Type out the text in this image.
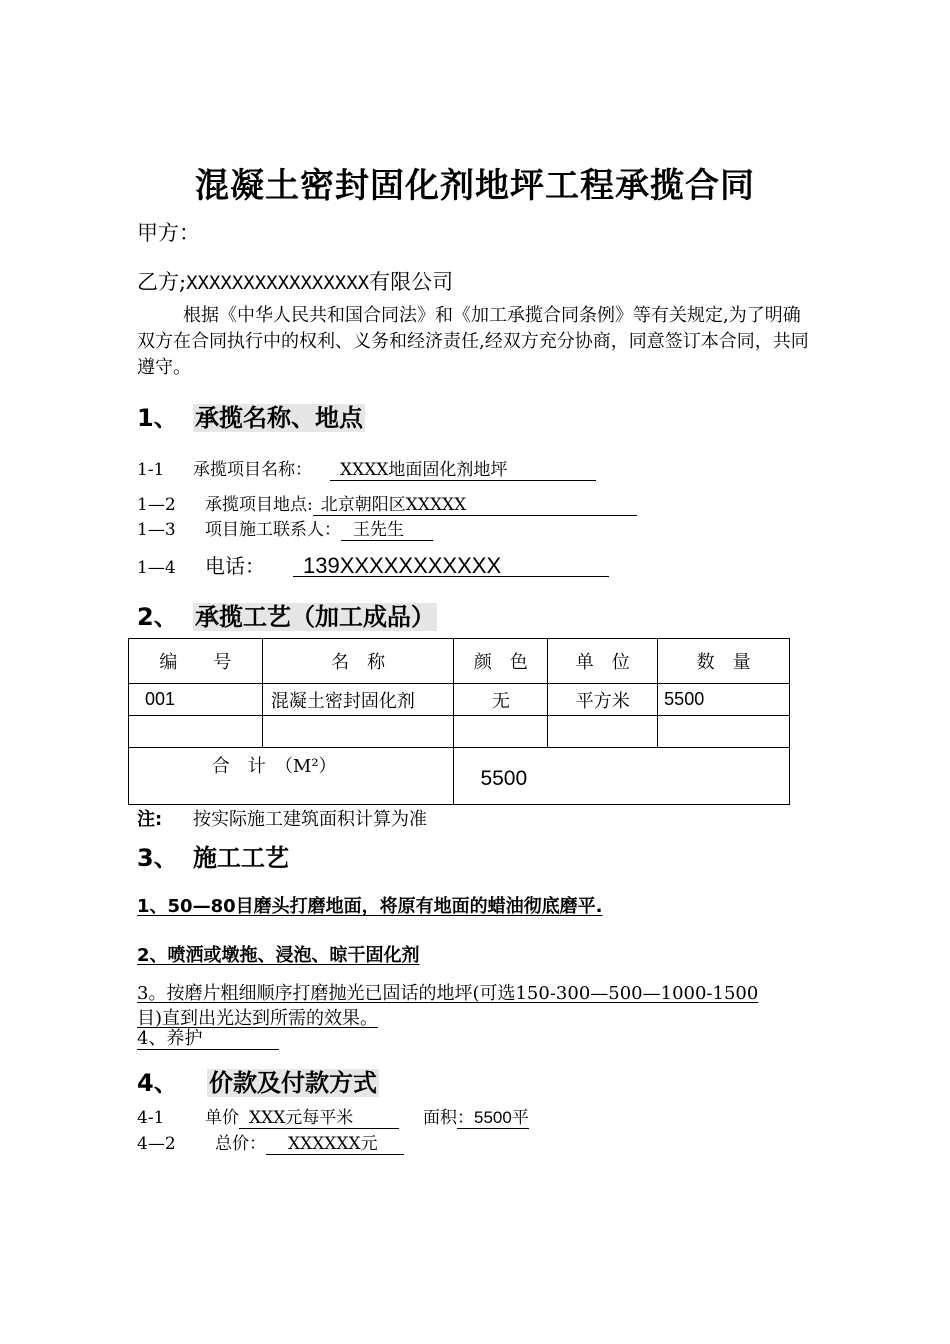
混凝土密封固化剂地坪工程承揽合同
甲方：
乙方;XXXXXXXXXXXXXXXX有限公司
根据《中华人民共和国合同法》和《加工承揽合同条例》等有关规定,为了明确双方在合同执行中的权利、义务和经济责任,经双方充分协商，同意签订本合同，共同遵守。
1、 承揽名称、地点
1-1 承揽项目名称： XXXX地面固化剂地坪
1—2 承揽项目地点: 北京朝阳区XXXXX
1—3 项目施工联系人： 王先生
1—4 电话： 139XXXXXXXXXXX
2、 承揽工艺（加工成品）
编　　号	名　称	颜　色	单　位	数　量
001	混凝土密封固化剂	无	平方米	5500

合　计　（M²）		5500		
注: 按实际施工建筑面积计算为准
3、 施工工艺
1、50—80目磨头打磨地面，将原有地面的蜡油彻底磨平.
2、喷洒或墩拖、浸泡、晾干固化剂
3。按磨片粗细顺序打磨抛光已固话的地坪(可选150-300—500—1000-1500目)直到出光达到所需的效果。
4、养护
4、 价款及付款方式
4-1 单价 XXX元每平米	面积：5500平
4—2 总价： XXXXXX元
